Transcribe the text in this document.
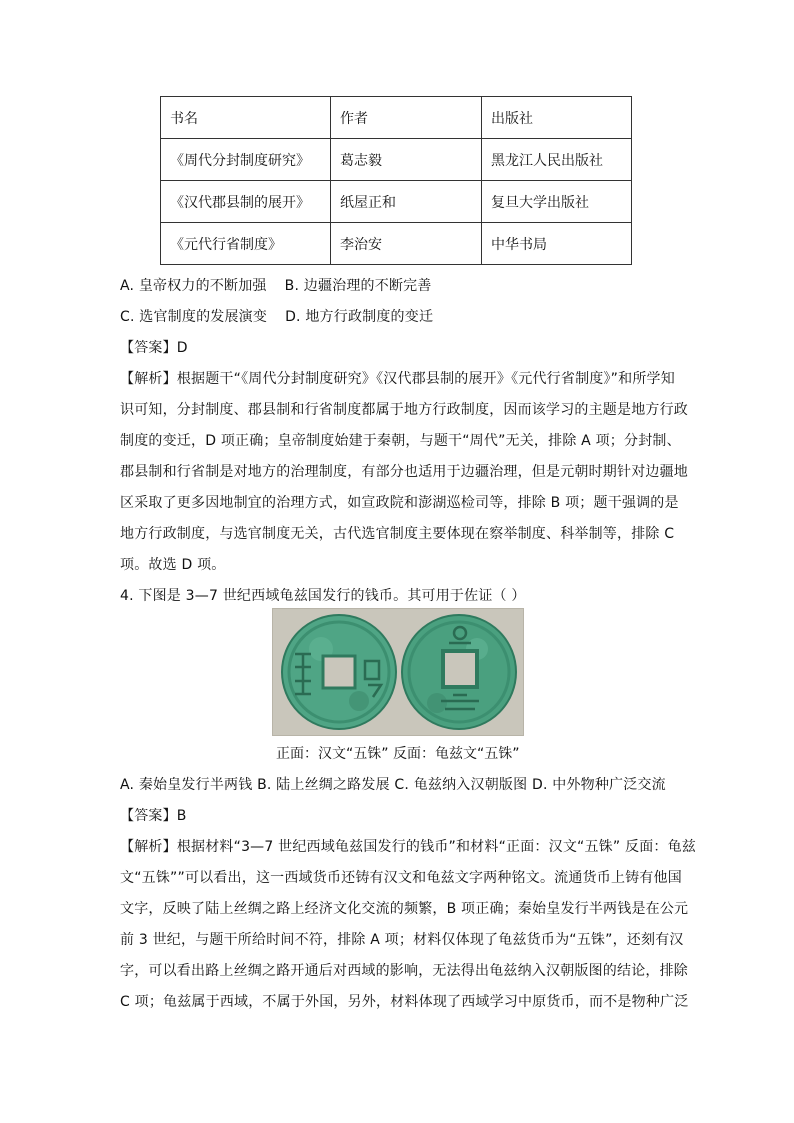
书名	作者	出版社
《周代分封制度研究》	葛志毅	黑龙江人民出版社
《汉代郡县制的展开》	纸屋正和	复旦大学出版社
《元代行省制度》	李治安	中华书局
A. 皇帝权力的不断加强 B. 边疆治理的不断完善
C. 选官制度的发展演变 D. 地方行政制度的变迁
【答案】D
【解析】根据题干“《周代分封制度研究》《汉代郡县制的展开》《元代行省制度》”和所学知
识可知，分封制度、郡县制和行省制度都属于地方行政制度，因而该学习的主题是地方行政
制度的变迁，D 项正确；皇帝制度始建于秦朝，与题干“周代”无关，排除 A 项；分封制、
郡县制和行省制是对地方的治理制度，有部分也适用于边疆治理，但是元朝时期针对边疆地
区采取了更多因地制宜的治理方式，如宣政院和澎湖巡检司等，排除 B 项；题干强调的是
地方行政制度，与选官制度无关，古代选官制度主要体现在察举制度、科举制等，排除 C
项。故选 D 项。
4. 下图是 3—7 世纪西域龟兹国发行的钱币。其可用于佐证（ ）
正面：汉文“五铢” 反面：龟兹文“五铢”
A. 秦始皇发行半两钱 B. 陆上丝绸之路发展 C. 龟兹纳入汉朝版图 D. 中外物种广泛交流
【答案】B
【解析】根据材料“3—7 世纪西域龟兹国发行的钱币”和材料“正面：汉文“五铢” 反面：龟兹
文“五铢””可以看出，这一西域货币还铸有汉文和龟兹文字两种铭文。流通货币上铸有他国
文字，反映了陆上丝绸之路上经济文化交流的频繁，B 项正确；秦始皇发行半两钱是在公元
前 3 世纪，与题干所给时间不符，排除 A 项；材料仅体现了龟兹货币为“五铢”，还刻有汉
字，可以看出路上丝绸之路开通后对西域的影响，无法得出龟兹纳入汉朝版图的结论，排除
C 项；龟兹属于西域，不属于外国，另外，材料体现了西域学习中原货币，而不是物种广泛
